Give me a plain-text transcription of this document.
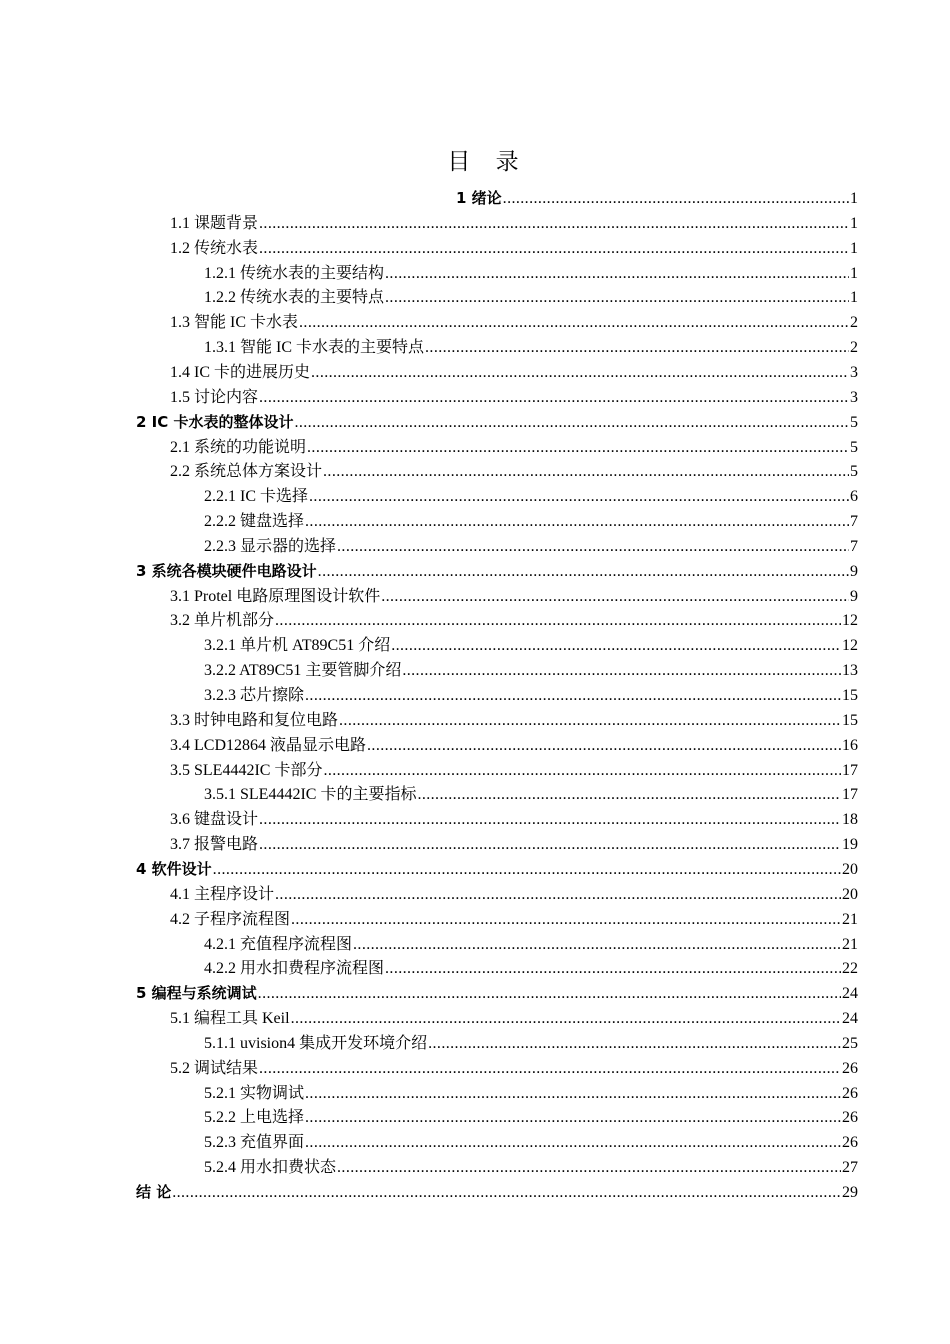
目 录
1 绪论 .....	1
1.1 课题背景 .....	1
1.2 传统水表 .....	1
1.2.1 传统水表的主要结构 .....	1
1.2.2 传统水表的主要特点 .....	1
1.3 智能 IC 卡水表 .....	2
1.3.1 智能 IC 卡水表的主要特点 .....	2
1.4 IC 卡的进展历史 .....	3
1.5 讨论内容 .....	3
2 IC 卡水表的整体设计 .....	5
2.1 系统的功能说明 .....	5
2.2 系统总体方案设计 .....	5
2.2.1 IC 卡选择 .....	6
2.2.2 键盘选择 .....	7
2.2.3 显示器的选择 .....	7
3 系统各模块硬件电路设计 .....	9
3.1 Protel 电路原理图设计软件 .....	9
3.2 单片机部分 .....	12
3.2.1 单片机 AT89C51 介绍 .....	12
3.2.2 AT89C51 主要管脚介绍 .....	13
3.2.3 芯片擦除 .....	15
3.3 时钟电路和复位电路 .....	15
3.4 LCD12864 液晶显示电路 .....	16
3.5 SLE4442IC 卡部分 .....	17
3.5.1 SLE4442IC 卡的主要指标 .....	17
3.6 键盘设计 .....	18
3.7 报警电路 .....	19
4 软件设计 .....	20
4.1 主程序设计 .....	20
4.2 子程序流程图 .....	21
4.2.1 充值程序流程图 .....	21
4.2.2 用水扣费程序流程图 .....	22
5 编程与系统调试 .....	24
5.1 编程工具 Keil .....	24
5.1.1 uvision4 集成开发环境介绍 .....	25
5.2 调试结果 .....	26
5.2.1 实物调试 .....	26
5.2.2 上电选择 .....	26
5.2.3 充值界面 .....	26
5.2.4 用水扣费状态 .....	27
结 论 .....	29
